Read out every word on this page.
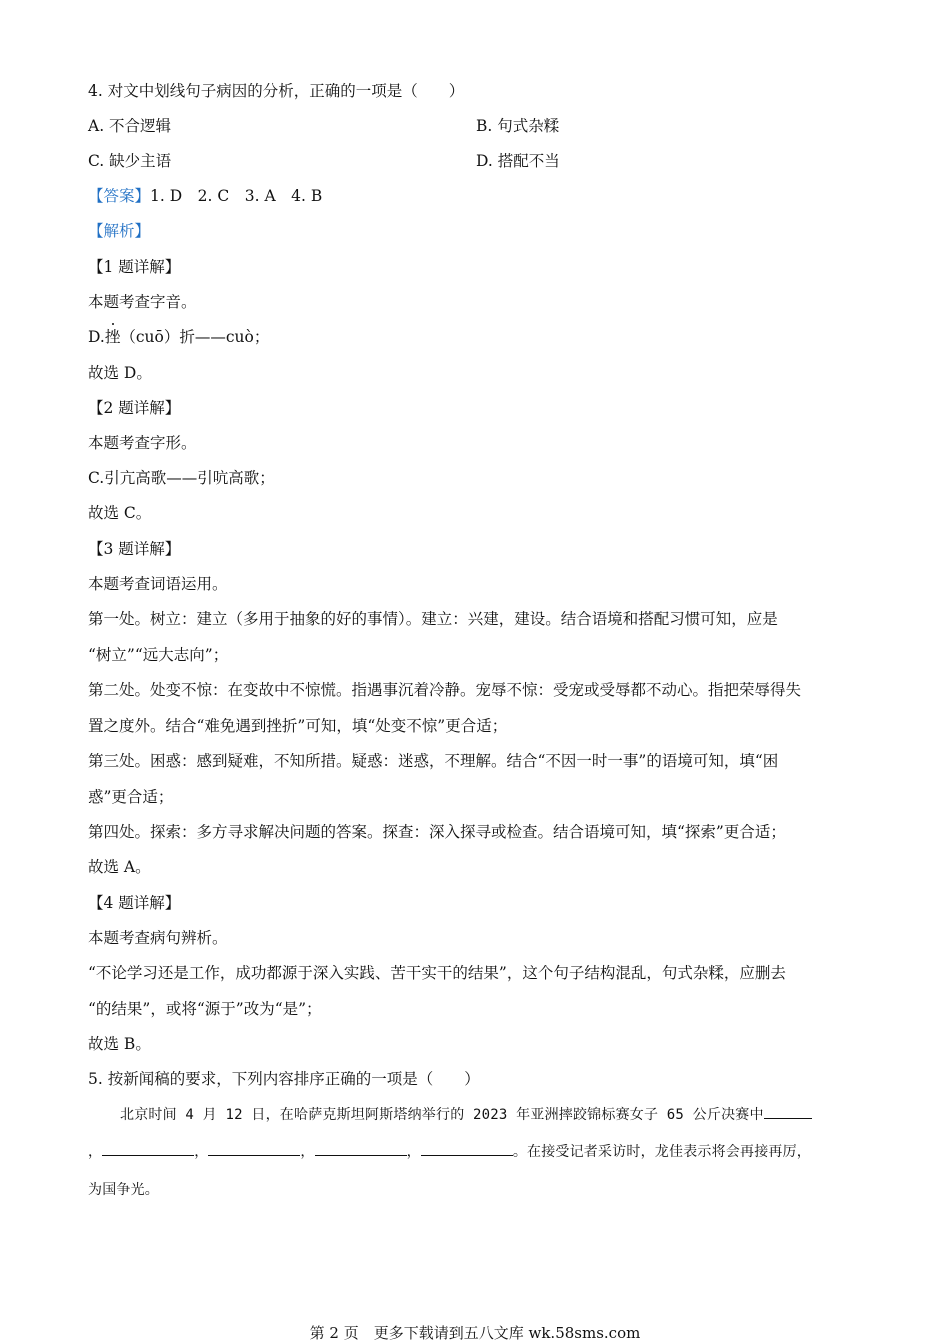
4. 对文中划线句子病因的分析，正确的一项是（　　）
A. 不合逻辑	B. 句式杂糅
C. 缺少主语	D. 搭配不当
【答案】1. D　2. C　3. A　4. B
【解析】
【1 题详解】
本题考查字音。
D.挫（cuō）折——cuò；
故选 D。
【2 题详解】
本题考查字形。
C.引亢高歌——引吭高歌；
故选 C。
【3 题详解】
本题考查词语运用。
第一处。树立：建立（多用于抽象的好的事情）。建立：兴建，建设。结合语境和搭配习惯可知，应是
“树立”“远大志向”；
第二处。处变不惊：在变故中不惊慌。指遇事沉着冷静。宠辱不惊：受宠或受辱都不动心。指把荣辱得失
置之度外。结合“难免遇到挫折”可知，填“处变不惊”更合适；
第三处。困惑：感到疑难，不知所措。疑惑：迷惑，不理解。结合“不因一时一事”的语境可知，填“困
惑”更合适；
第四处。探索：多方寻求解决问题的答案。探查：深入探寻或检查。结合语境可知，填“探索”更合适；
故选 A。
【4 题详解】
本题考查病句辨析。
“不论学习还是工作，成功都源于深入实践、苦干实干的结果”，这个句子结构混乱，句式杂糅，应删去
“的结果”，或将“源于”改为“是”；
故选 B。
5. 按新闻稿的要求，下列内容排序正确的一项是（　　）
北京时间 4 月 12 日，在哈萨克斯坦阿斯塔纳举行的 2023 年亚洲摔跤锦标赛女子 65 公斤决赛中
，	，	，	，	。在接受记者采访时，龙佳表示将会再接再厉，
为国争光。
第 2 页　更多下载请到五八文库 wk.58sms.com
